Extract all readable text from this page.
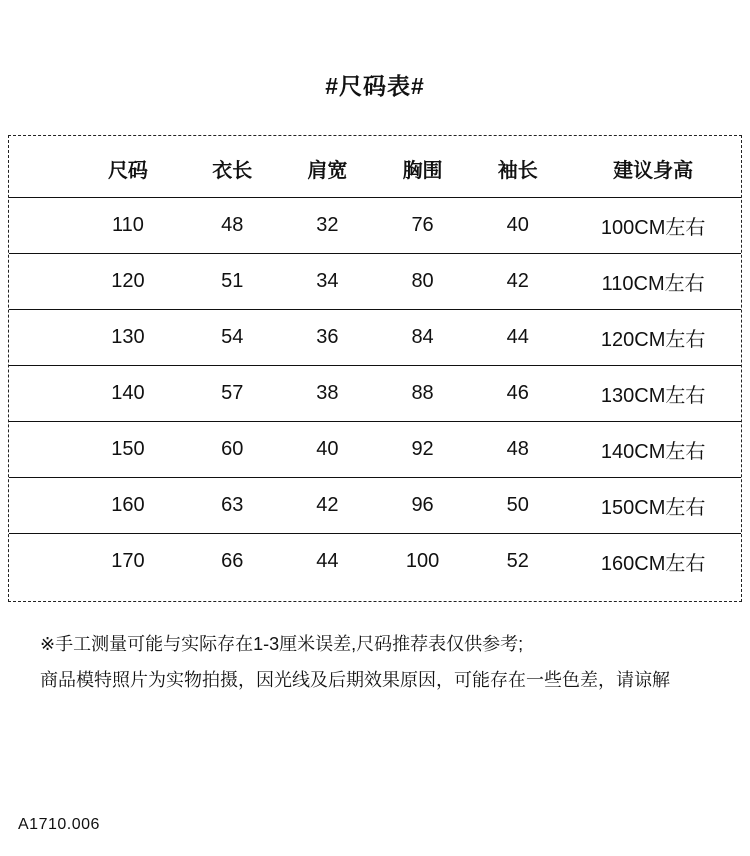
#尺码表#
	尺码	衣长	肩宽	胸围	袖长	建议身高
	110	48	32	76	40	100CM左右
	120	51	34	80	42	110CM左右
	130	54	36	84	44	120CM左右
	140	57	38	88	46	130CM左右
	150	60	40	92	48	140CM左右
	160	63	42	96	50	150CM左右
	170	66	44	100	52	160CM左右
※手工测量可能与实际存在1-3厘米误差,尺码推荐表仅供参考;
商品模特照片为实物拍摄，因光线及后期效果原因，可能存在一些色差，请谅解
A1710.006
